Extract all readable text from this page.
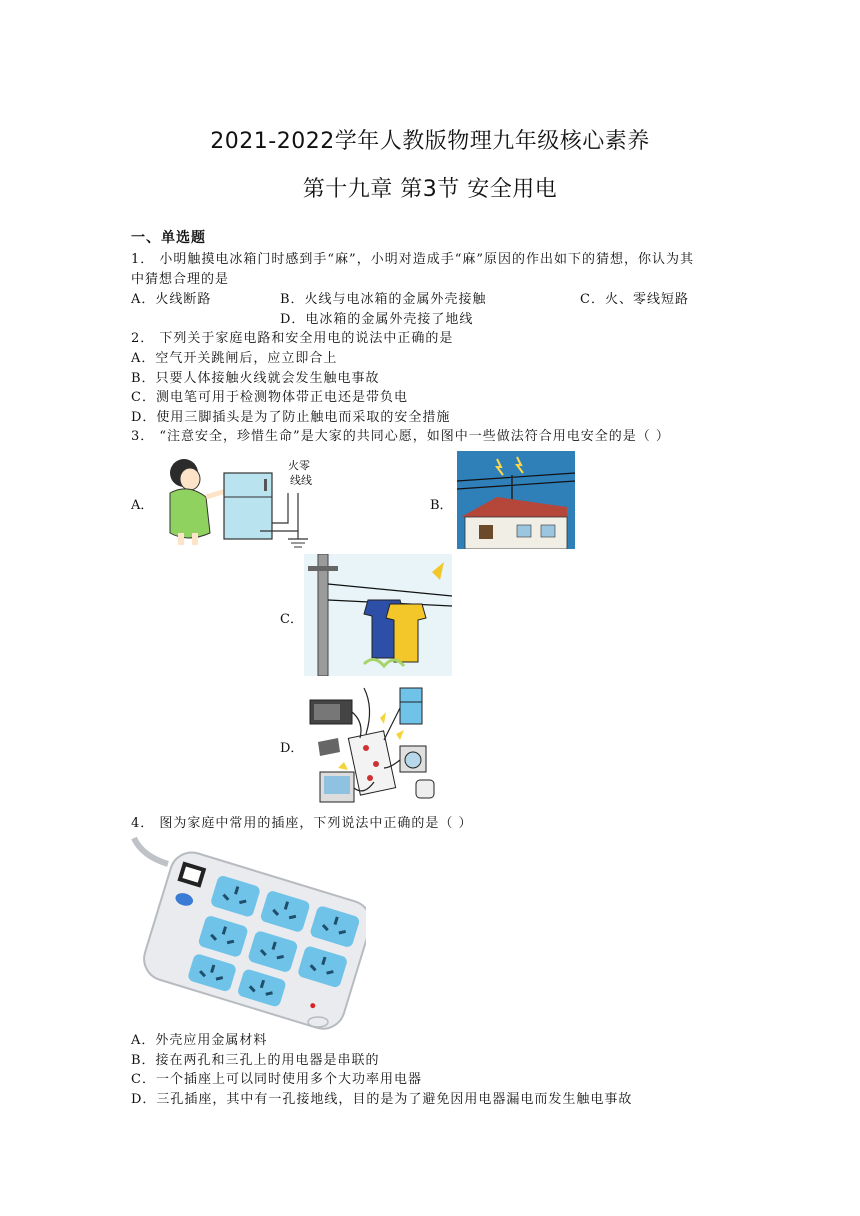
2021-2022学年人教版物理九年级核心素养
第十九章 第3节 安全用电
一、单选题
1． 小明触摸电冰箱门时感到手“麻”，小明对造成手“麻”原因的作出如下的猜想，你认为其
中猜想合理的是
A．火线断路	B．火线与电冰箱的金属外壳接触	C．火、零线短路
D．电冰箱的金属外壳接了地线
2． 下列关于家庭电路和安全用电的说法中正确的是
A．空气开关跳闸后，应立即合上
B．只要人体接触火线就会发生触电事故
C．测电笔可用于检测物体带正电还是带负电
D．使用三脚插头是为了防止触电而采取的安全措施
3． “注意安全，珍惜生命”是大家的共同心愿，如图中一些做法符合用电安全的是（ ）
A．
火零
线线
B．
C．
D．
4． 图为家庭中常用的插座，下列说法中正确的是（ ）
A．外壳应用金属材料
B．接在两孔和三孔上的用电器是串联的
C．一个插座上可以同时使用多个大功率用电器
D．三孔插座，其中有一孔接地线，目的是为了避免因用电器漏电而发生触电事故
